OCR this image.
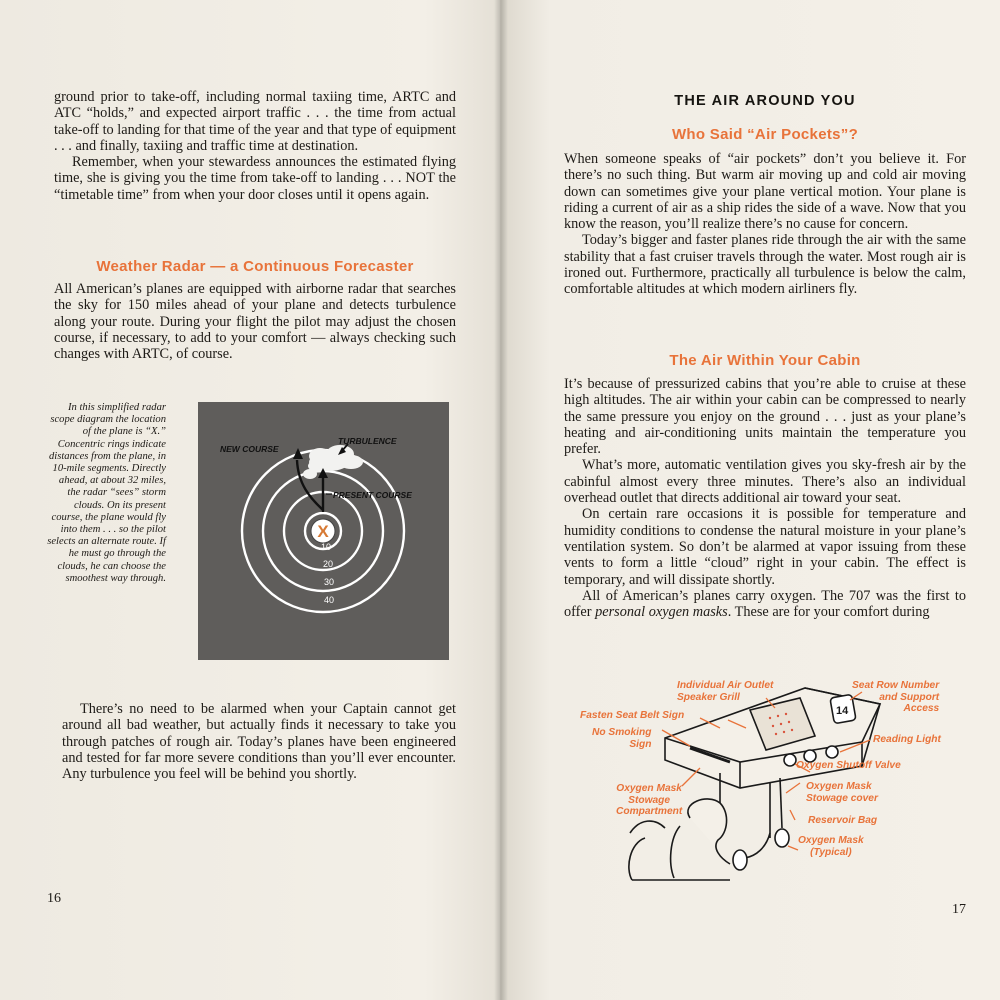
ground prior to take-off, including normal taxiing time, ARTC and ATC “holds,” and expected airport traffic . . . the time from actual take-off to landing for that time of the year and that type of equipment . . . and finally, taxiing and traffic time at destination.

Remember, when your stewardess announces the estimated flying time, she is giving you the time from take-off to landing . . . NOT the “timetable time” from when your door closes until it opens again.

Weather Radar — a Continuous Forecaster

All American’s planes are equipped with airborne radar that searches the sky for 150 miles ahead of your plane and detects turbulence along your route. During your flight the pilot may adjust the chosen course, if necessary, to add to your comfort — always checking such changes with ARTC, of course.

In this simplified radar scope diagram the location of the plane is “X.” Concentric rings indicate distances from the plane, in 10-mile segments. Directly ahead, at about 32 miles, the radar “sees” storm clouds. On its present course, the plane would fly into them . . . so the pilot selects an alternate route. If he must go through the clouds, he can choose the smoothest way through.
X
10
20
30
40
NEW COURSE
TURBULENCE
PRESENT COURSE

There’s no need to be alarmed when your Captain cannot get around all bad weather, but actually finds it necessary to take you through patches of rough air. Today’s planes have been engineered and tested for far more severe conditions than you’ll ever encounter. Any turbulence you feel will be behind you shortly.

16
THE AIR AROUND YOU

Who Said “Air Pockets”?

When someone speaks of “air pockets” don’t you believe it. For there’s no such thing. But warm air moving up and cold air moving down can sometimes give your plane vertical motion. Your plane is riding a current of air as a ship rides the side of a wave. Now that you know the reason, you’ll realize there’s no cause for concern.

Today’s bigger and faster planes ride through the air with the same stability that a fast cruiser travels through the water. Most rough air is ironed out. Furthermore, practically all turbulence is below the calm, comfortable altitudes at which modern airliners fly.

The Air Within Your Cabin

It’s because of pressurized cabins that you’re able to cruise at these high altitudes. The air within your cabin can be compressed to nearly the same pressure you enjoy on the ground . . . just as your plane’s heating and air-conditioning units maintain the temperature you prefer.

What’s more, automatic ventilation gives you sky-fresh air by the cabinful almost every three minutes. There’s also an individual overhead outlet that directs additional air toward your seat.

On certain rare occasions it is possible for temperature and humidity conditions to condense the natural moisture in your plane’s ventilation system. So don’t be alarmed at vapor issuing from these vents to form a little “cloud” right in your cabin. The effect is temporary, and will dissipate shortly.

All of American’s planes carry oxygen. The 707 was the first to offer personal oxygen masks. These are for your comfort during

17
14
Individual Air Outlet
Speaker Grill
Fasten Seat Belt Sign
No Smoking
Sign
Seat Row Number
and Support
Access
Reading Light
Oxygen Shutoff Valve
Oxygen Mask
Stowage cover
Oxygen Mask
Stowage
Compartment
Reservoir Bag
Oxygen Mask
(Typical)
